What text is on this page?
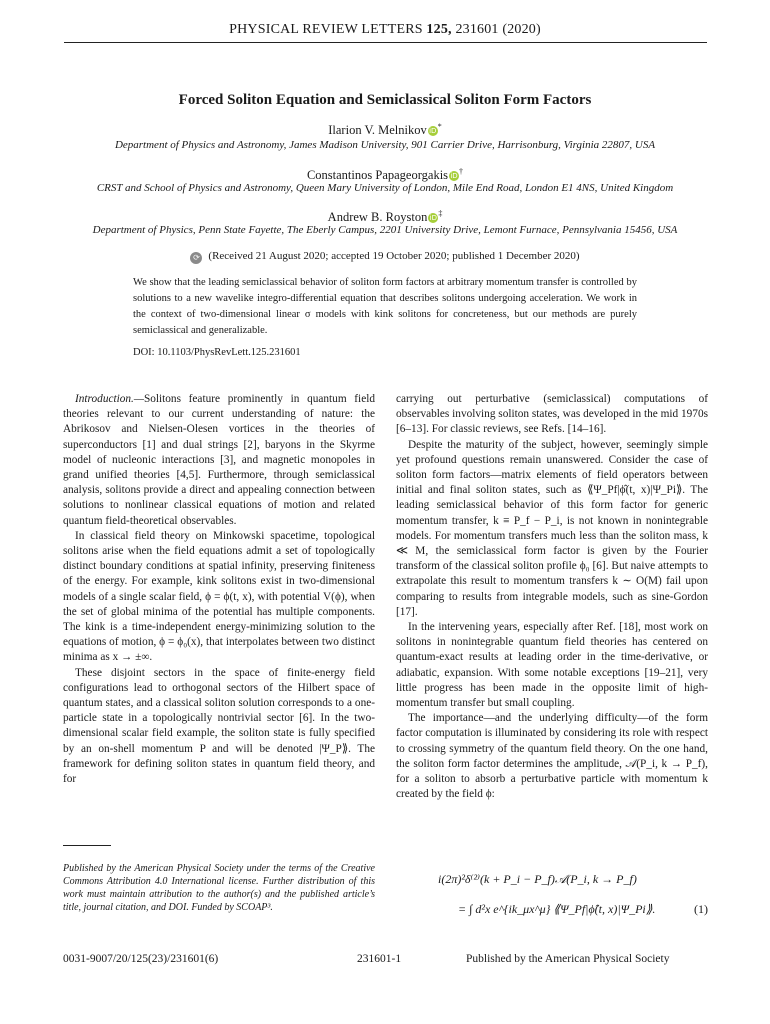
PHYSICAL REVIEW LETTERS 125, 231601 (2020)
Forced Soliton Equation and Semiclassical Soliton Form Factors
Ilarion V. Melnikov iD*
Department of Physics and Astronomy, James Madison University, 901 Carrier Drive, Harrisonburg, Virginia 22807, USA
Constantinos Papageorgakis iD†
CRST and School of Physics and Astronomy, Queen Mary University of London, Mile End Road, London E1 4NS, United Kingdom
Andrew B. Royston iD‡
Department of Physics, Penn State Fayette, The Eberly Campus, 2201 University Drive, Lemont Furnace, Pennsylvania 15456, USA
⟳ (Received 21 August 2020; accepted 19 October 2020; published 1 December 2020)
We show that the leading semiclassical behavior of soliton form factors at arbitrary momentum transfer is controlled by solutions to a new wavelike integro-differential equation that describes solitons undergoing acceleration. We work in the context of two-dimensional linear σ models with kink solitons for concreteness, but our methods are purely semiclassical and generalizable.
DOI: 10.1103/PhysRevLett.125.231601

Introduction.—Solitons feature prominently in quantum field theories relevant to our current understanding of nature: the Abrikosov and Nielsen-Olesen vortices in the theories of superconductors [1] and dual strings [2], baryons in the Skyrme model of nucleonic interactions [3], and magnetic monopoles in grand unified theories [4,5]. Furthermore, through semiclassical analysis, solitons provide a direct and appealing connection between solutions to nonlinear classical equations of motion and related quantum field-theoretical observables.

In classical field theory on Minkowski spacetime, topological solitons arise when the field equations admit a set of topologically distinct boundary conditions at spatial infinity, preserving finiteness of the energy. For example, kink solitons exist in two-dimensional models of a single scalar field, ϕ = ϕ(t, x), with potential V(ϕ), when the set of global minima of the potential has multiple components. The kink is a time-independent energy-minimizing solution to the equations of motion, ϕ = ϕ₀(x), that interpolates between two distinct minima as x → ±∞.

These disjoint sectors in the space of finite-energy field configurations lead to orthogonal sectors of the Hilbert space of quantum states, and a classical soliton solution corresponds to a one-particle state in a topologically nontrivial sector [6]. In the two-dimensional scalar field example, the soliton state is fully specified by an on-shell momentum P and will be denoted |Ψ_P⟫. The framework for defining soliton states in quantum field theory, and for

carrying out perturbative (semiclassical) computations of observables involving soliton states, was developed in the mid 1970s [6–13]. For classic reviews, see Refs. [14–16].

Despite the maturity of the subject, however, seemingly simple yet profound questions remain unanswered. Consider the case of soliton form factors—matrix elements of field operators between initial and final soliton states, such as ⟪Ψ_Pf|ϕ̂(t, x)|Ψ_Pi⟫. The leading semiclassical behavior of this form factor for generic momentum transfer, k ≡ P_f − P_i, is not known in nonintegrable models. For momentum transfers much less than the soliton mass, k ≪ M, the semiclassical form factor is given by the Fourier transform of the classical soliton profile ϕ₀ [6]. But naive attempts to extrapolate this result to momentum transfers k ∼ O(M) fail upon comparing to results from integrable models, such as sine-Gordon [17].

In the intervening years, especially after Ref. [18], most work on solitons in nonintegrable quantum field theories has centered on quantum-exact results at leading order in the time-derivative, or adiabatic, expansion. With some notable exceptions [19–21], very little progress has been made in the opposite limit of high-momentum transfer but small coupling.

The importance—and the underlying difficulty—of the form factor computation is illuminated by considering its role with respect to crossing symmetry of the quantum field theory. On the one hand, the soliton form factor determines the amplitude, 𝒜(P_i, k → P_f), for a soliton to absorb a perturbative particle with momentum k created by the field ϕ:

i(2π)²δ⁽²⁾(k + P_i − P_f)𝒜(P_i, k → P_f)
= ∫ d²x e^{ik_μx^μ} ⟪Ψ_Pf|ϕ̂(t, x)|Ψ_Pi⟫.	(1)
Published by the American Physical Society under the terms of the Creative Commons Attribution 4.0 International license. Further distribution of this work must maintain attribution to the author(s) and the published article’s title, journal citation, and DOI. Funded by SCOAP³.
0031-9007/20/125(23)/231601(6)	231601-1	Published by the American Physical Society
